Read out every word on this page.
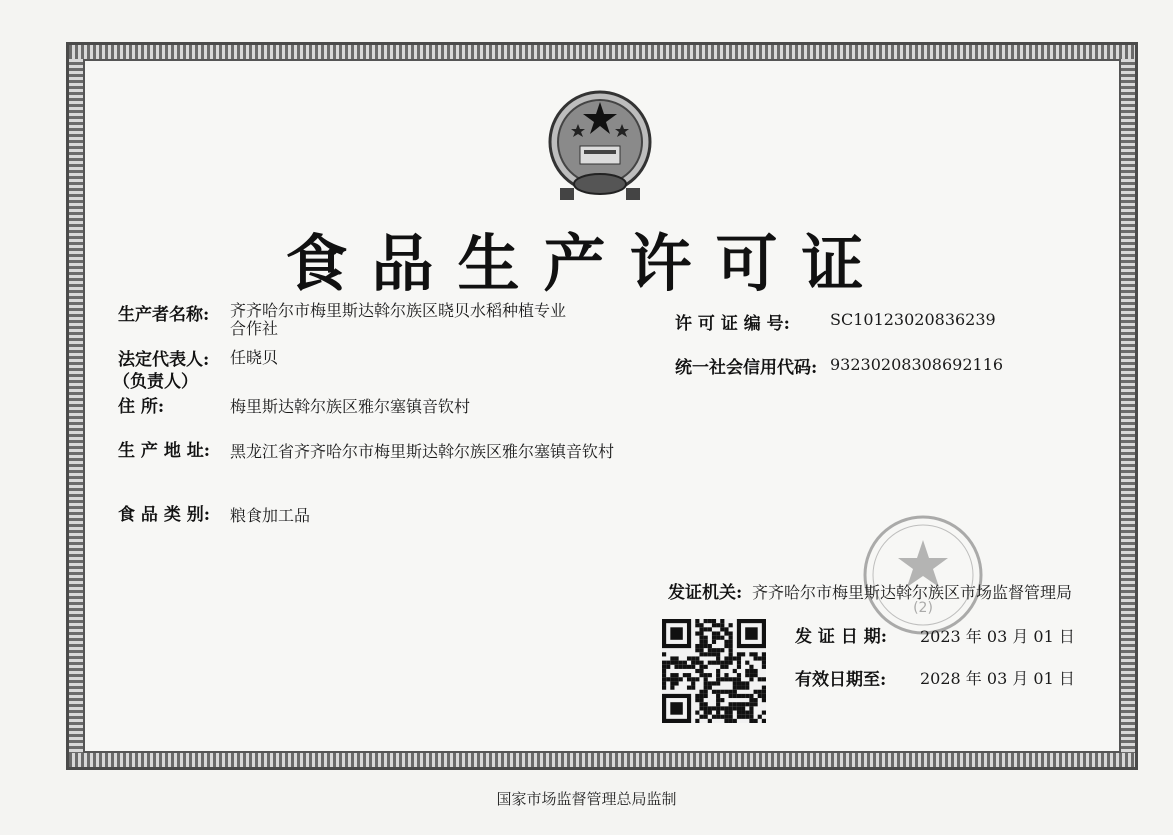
食品生产许可证
生产者名称: 齐齐哈尔市梅里斯达斡尔族区晓贝水稻种植专业
合作社
法定代表人:
（负责人）
任晓贝
住 所:	梅里斯达斡尔族区雅尔塞镇音钦村
生 产 地 址: 黑龙江省齐齐哈尔市梅里斯达斡尔族区雅尔塞镇音钦村
食 品 类 别: 粮食加工品
许 可 证 编 号:	SC10123020836239
统一社会信用代码: 93230208308692116
(2)
发证机关: 齐齐哈尔市梅里斯达斡尔族区市场监督管理局
发 证 日 期: 2023 年 03 月 01 日
有效日期至: 2028 年 03 月 01 日
国家市场监督管理总局监制
